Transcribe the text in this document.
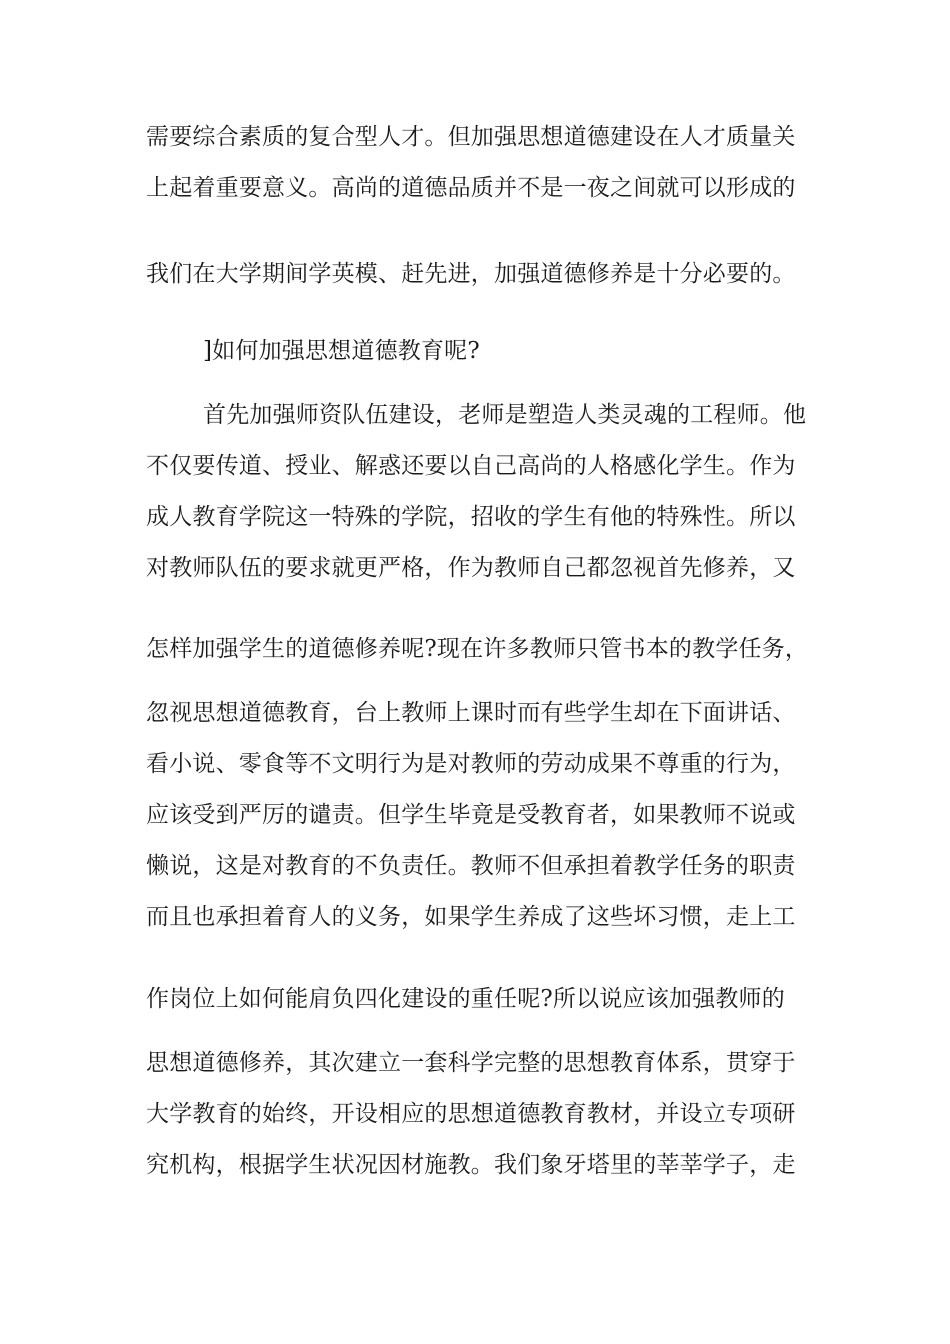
需要综合素质的复合型人才。但加强思想道德建设在人才质量关
上起着重要意义。高尚的道德品质并不是一夜之间就可以形成的
我们在大学期间学英模、赶先进，加强道德修养是十分必要的。
]如何加强思想道德教育呢?
首先加强师资队伍建设，老师是塑造人类灵魂的工程师。他
不仅要传道、授业、解惑还要以自己高尚的人格感化学生。作为
成人教育学院这一特殊的学院，招收的学生有他的特殊性。所以
对教师队伍的要求就更严格，作为教师自己都忽视首先修养，又
怎样加强学生的道德修养呢?现在许多教师只管书本的教学任务，
忽视思想道德教育，台上教师上课时而有些学生却在下面讲话、
看小说、零食等不文明行为是对教师的劳动成果不尊重的行为，
应该受到严厉的谴责。但学生毕竟是受教育者，如果教师不说或
懒说，这是对教育的不负责任。教师不但承担着教学任务的职责
而且也承担着育人的义务，如果学生养成了这些坏习惯，走上工
作岗位上如何能肩负四化建设的重任呢?所以说应该加强教师的
思想道德修养，其次建立一套科学完整的思想教育体系，贯穿于
大学教育的始终，开设相应的思想道德教育教材，并设立专项研
究机构，根据学生状况因材施教。我们象牙塔里的莘莘学子，走
